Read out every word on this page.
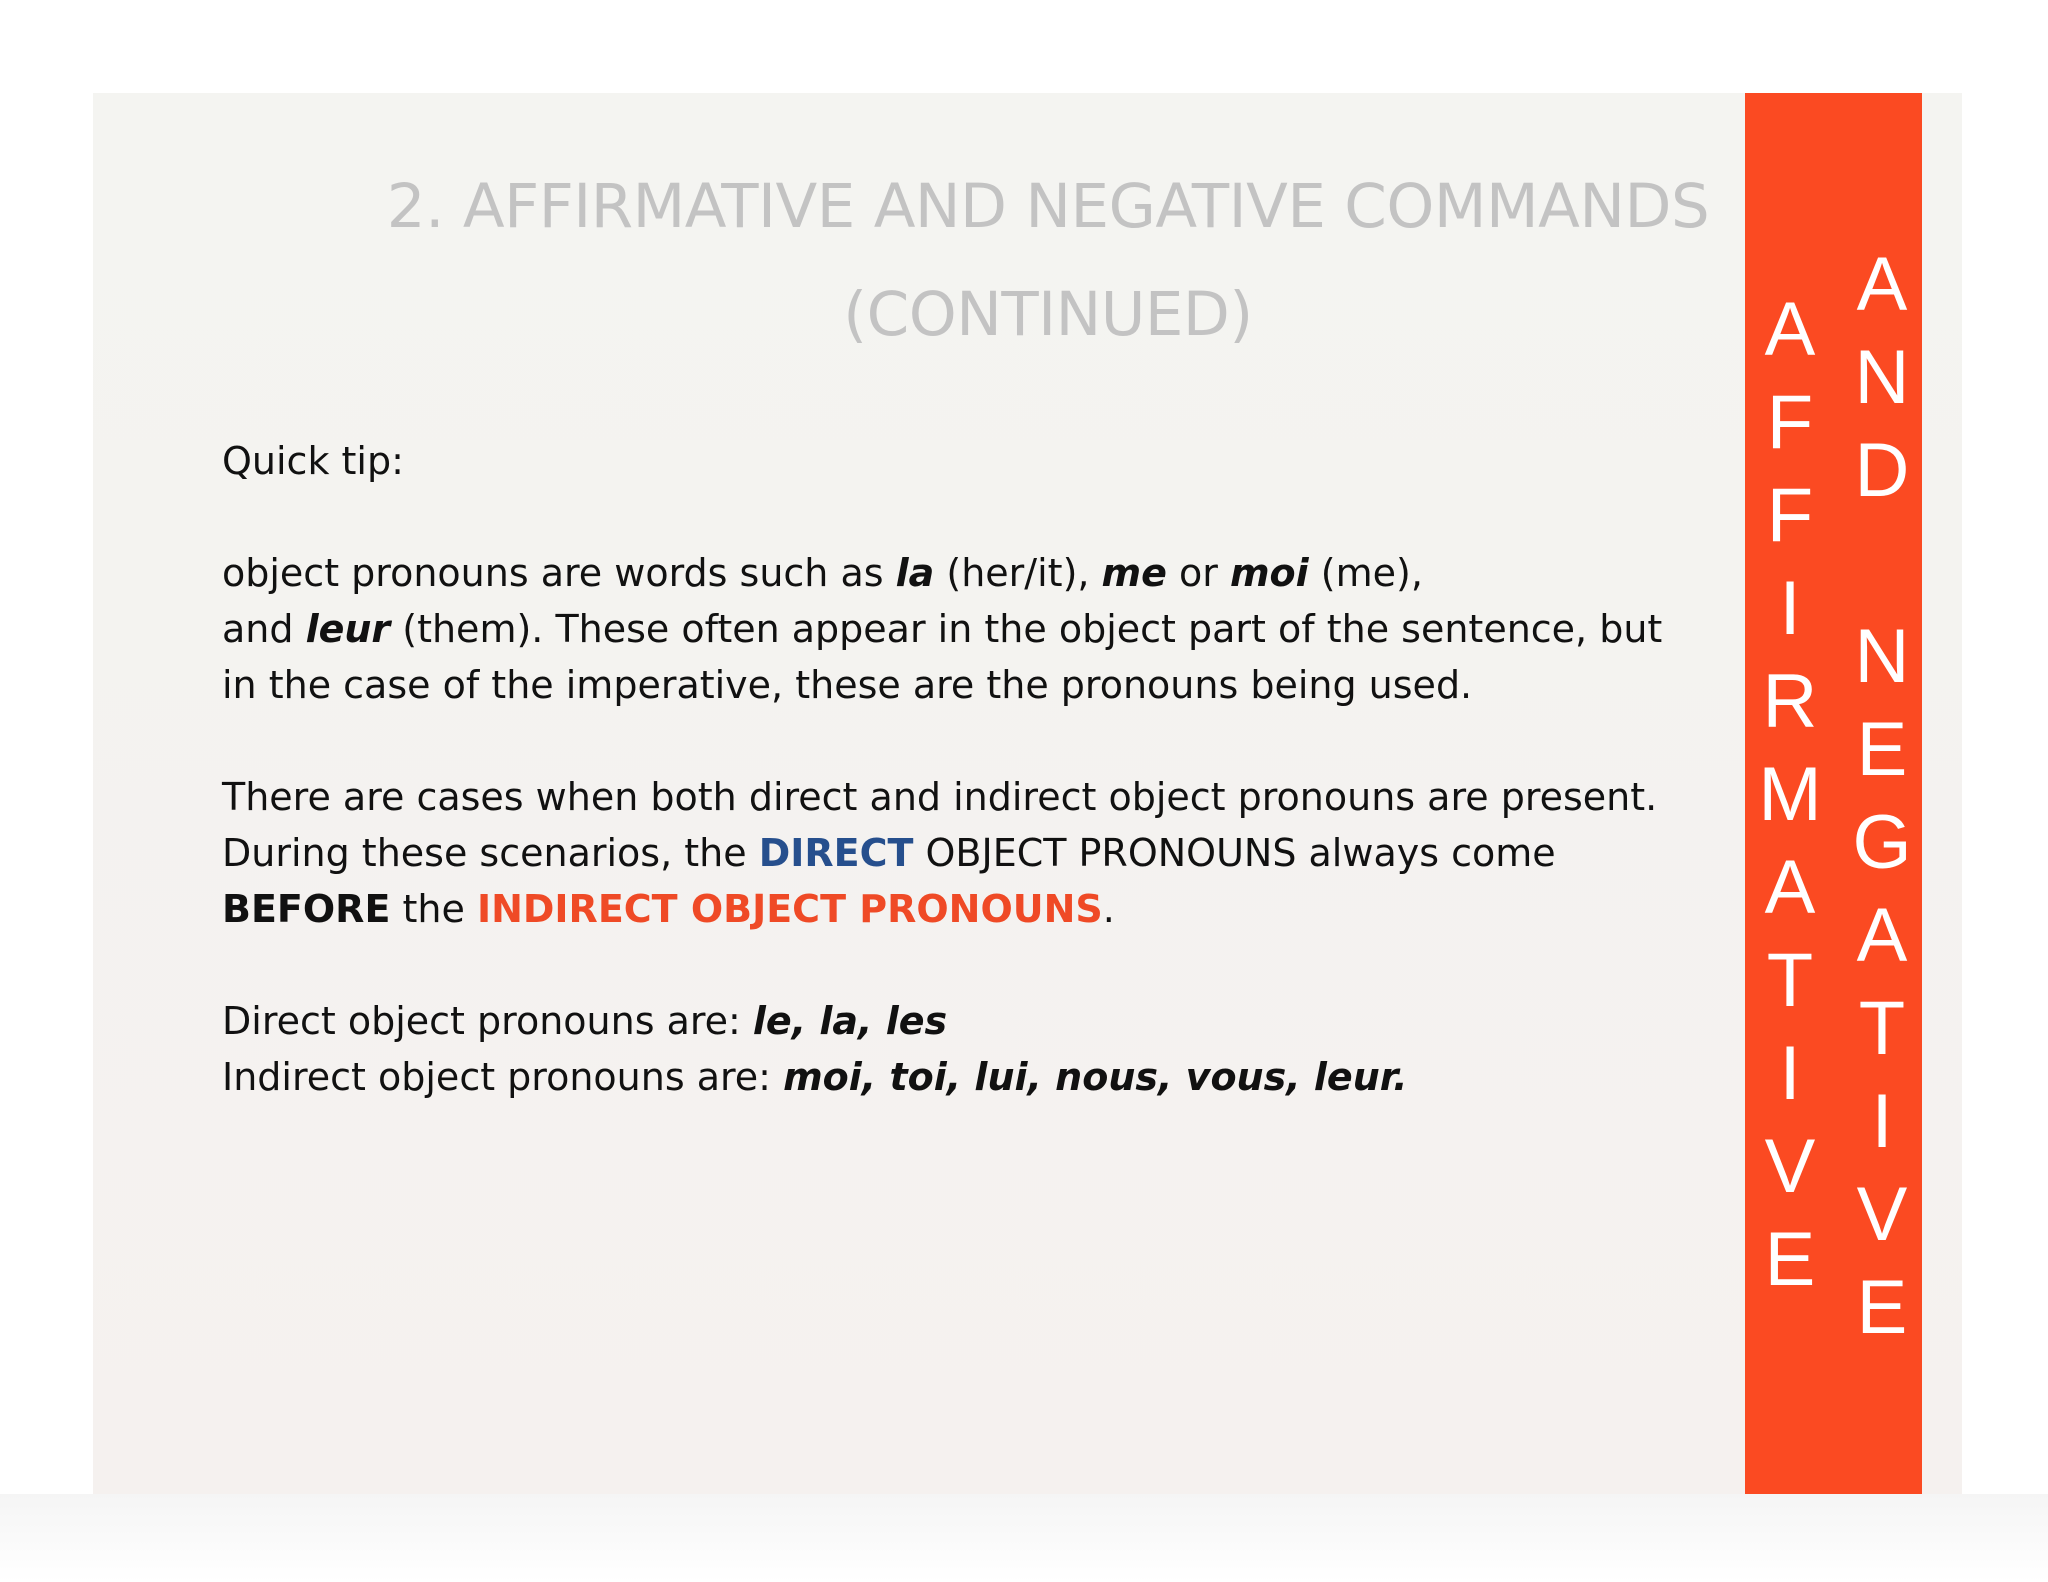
2. AFFIRMATIVE AND NEGATIVE COMMANDS
(CONTINUED)

Quick tip:

object pronouns are words such as la (her/it), me or moi (me),

and leur (them). These often appear in the object part of the sentence, but

in the case of the imperative, these are the pronouns being used.

There are cases when both direct and indirect object pronouns are present.

During these scenarios, the DIRECT OBJECT PRONOUNS always come

BEFORE the INDIRECT OBJECT PRONOUNS.

Direct object pronouns are: le, la, les

Indirect object pronouns are: moi, toi, lui, nous, vous, leur.

A
F
F
I
R
M
A
T
I
V
E
A
N
D
N
E
G
A
T
I
V
E
